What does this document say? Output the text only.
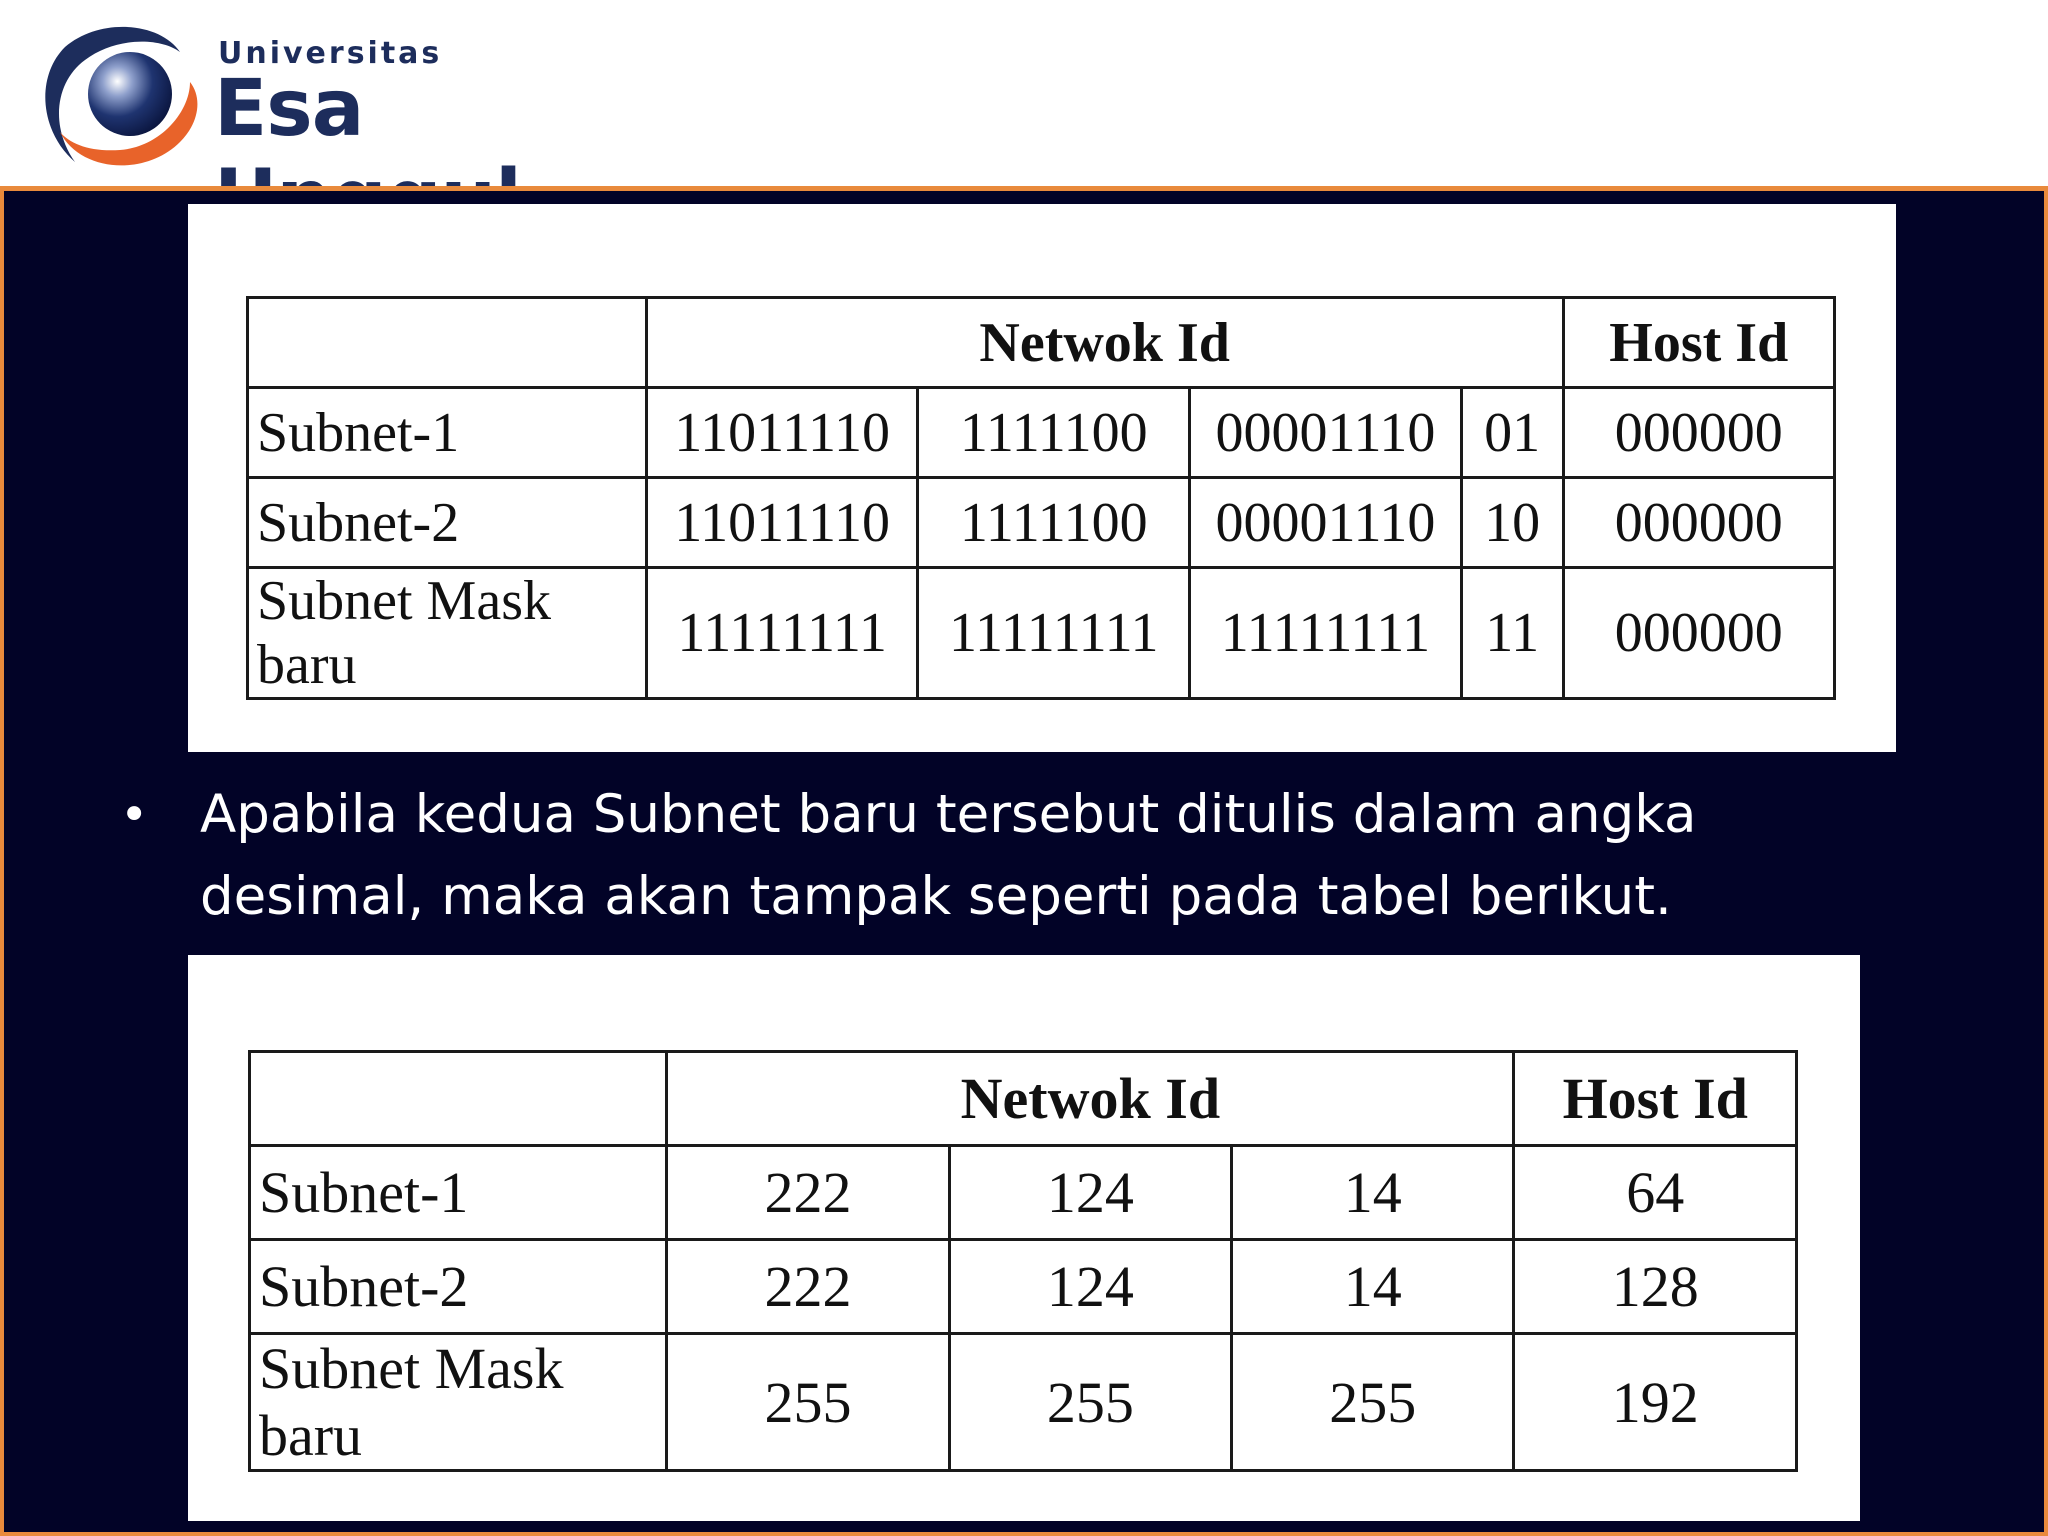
Universitas
Esa
	Netwok Id				Host Id
Subnet-1	11011110	1111100	00001110	01	000000
Subnet-2	11011110	1111100	00001110	10	000000
Subnet Mask baru	11111111	11111111	11111111	11	000000
• Apabila kedua Subnet baru tersebut ditulis dalam angka desimal, maka akan tampak seperti pada tabel berikut.
	Netwok Id			Host Id
Subnet-1	222	124	14	64
Subnet-2	222	124	14	128
Subnet Mask baru	255	255	255	192
